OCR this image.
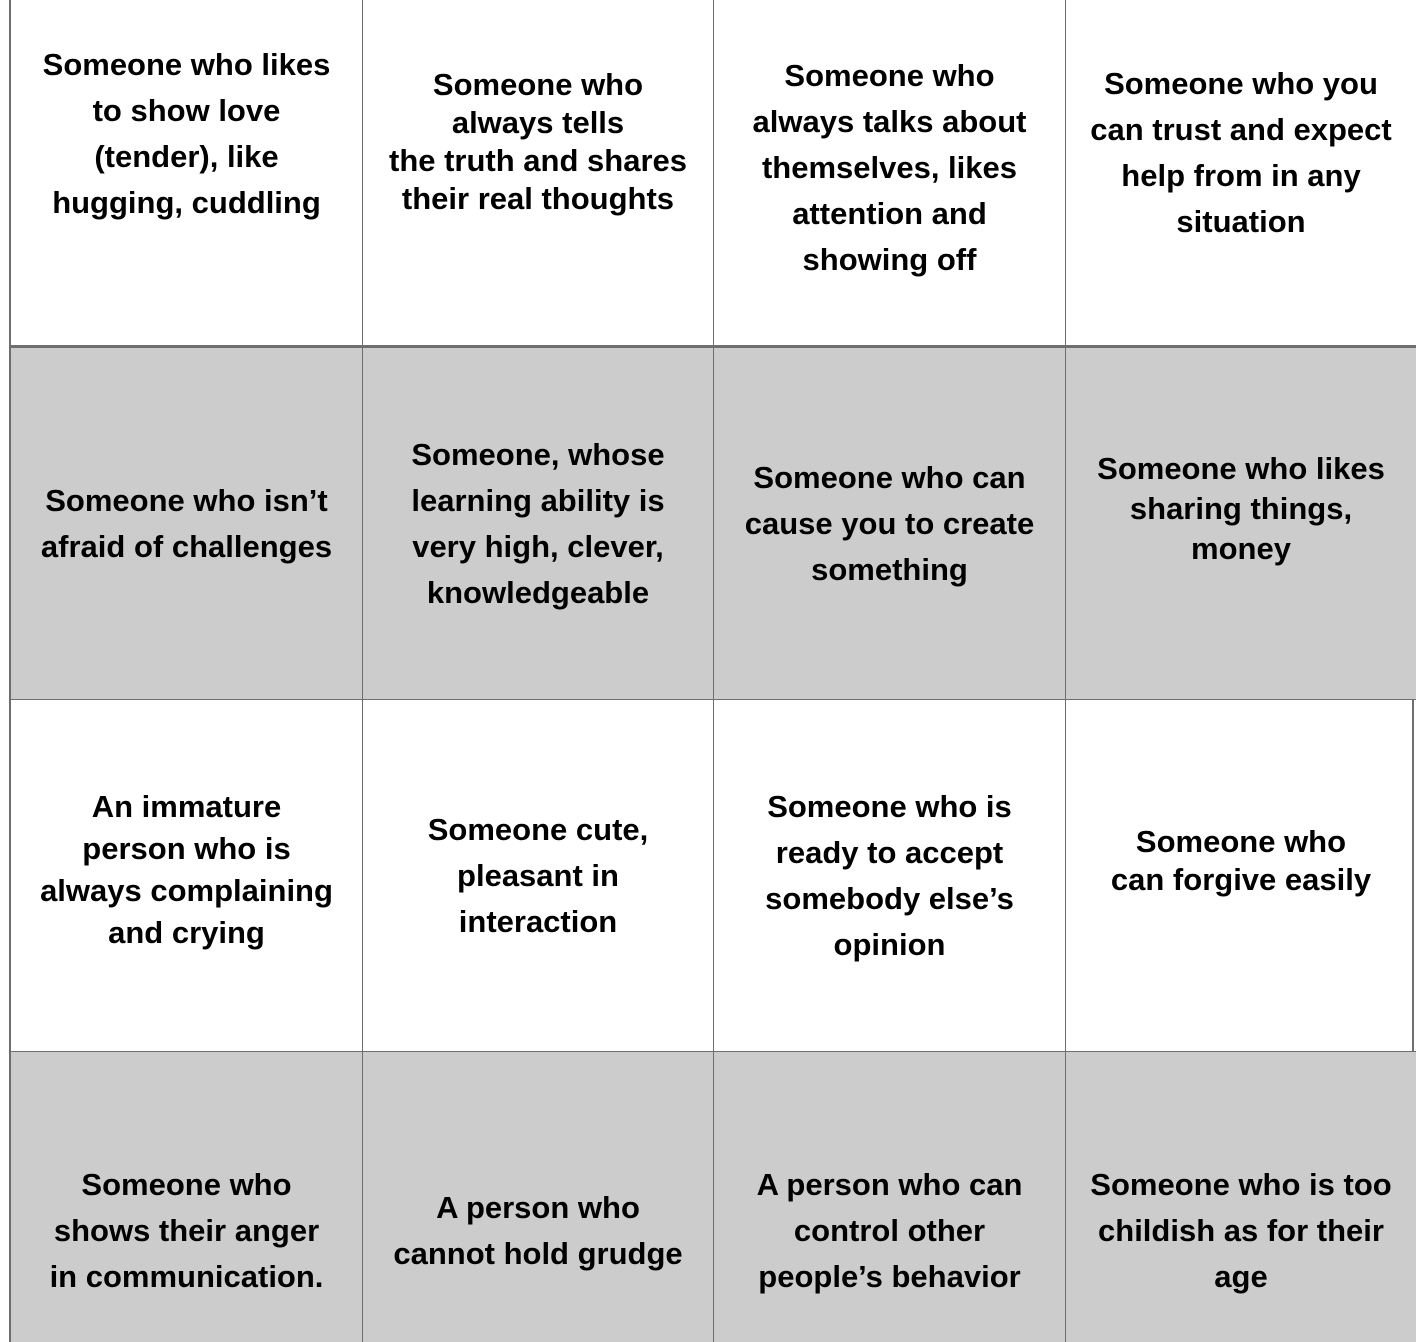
Someone who likes
to show love
(tender), like
hugging, cuddling
Someone who
always tells
the truth and shares
their real thoughts
Someone who
always talks about
themselves, likes
attention and
showing off
Someone who you
can trust and expect
help from in any
situation
Someone who isn’t
afraid of challenges
Someone, whose
learning ability is
very high, clever,
knowledgeable
Someone who can
cause you to create
something
Someone who likes
sharing things,
money
An immature
person who is
always complaining
and crying
Someone cute,
pleasant in
interaction
Someone who is
ready to accept
somebody else’s
opinion
Someone who
can forgive easily
Someone who
shows their anger
in communication.
A person who
cannot hold grudge
A person who can
control other
people’s behavior
Someone who is too
childish as for their
age
